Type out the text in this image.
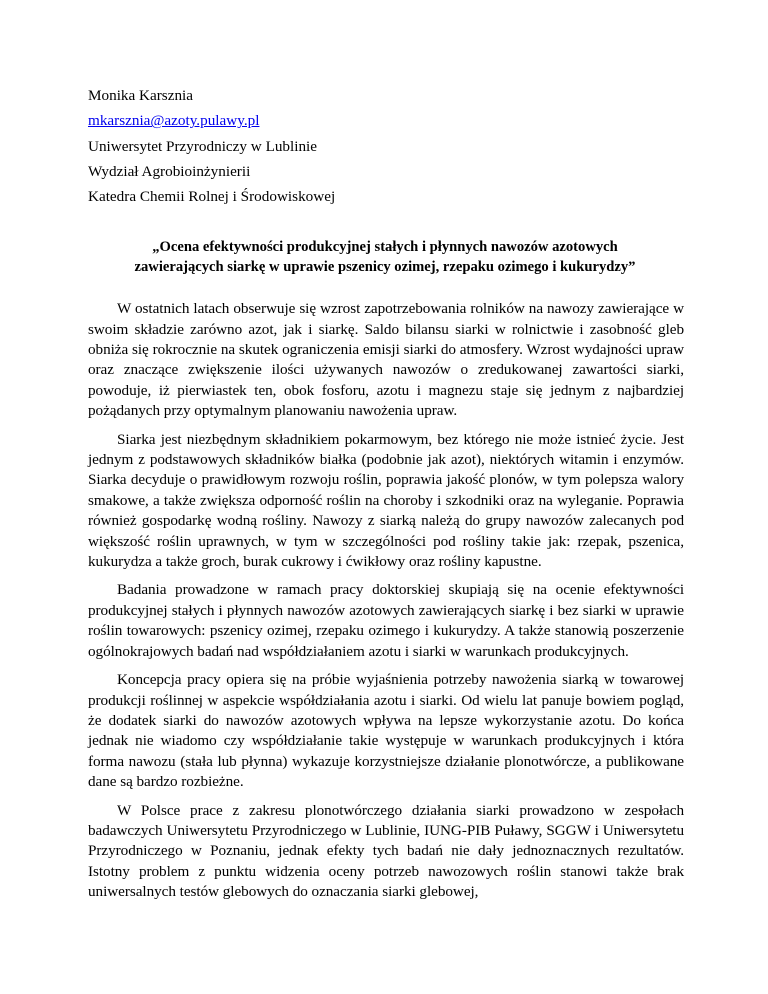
Monika Karsznia
mkarsznia@azoty.pulawy.pl
Uniwersytet Przyrodniczy w Lublinie
Wydział Agrobioinżynierii
Katedra Chemii Rolnej i Środowiskowej
„Ocena efektywności produkcyjnej stałych i płynnych nawozów azotowych zawierających siarkę w uprawie pszenicy ozimej, rzepaku ozimego i kukurydzy”

W ostatnich latach obserwuje się wzrost zapotrzebowania rolników na nawozy zawierające w swoim składzie zarówno azot, jak i siarkę. Saldo bilansu siarki w rolnictwie i zasobność gleb obniża się rokrocznie na skutek ograniczenia emisji siarki do atmosfery. Wzrost wydajności upraw oraz znaczące zwiększenie ilości używanych nawozów o zredukowanej zawartości siarki, powoduje, iż pierwiastek ten, obok fosforu, azotu i magnezu staje się jednym z najbardziej pożądanych przy optymalnym planowaniu nawożenia upraw.

Siarka jest niezbędnym składnikiem pokarmowym, bez którego nie może istnieć życie. Jest jednym z podstawowych składników białka (podobnie jak azot), niektórych witamin i enzymów. Siarka decyduje o prawidłowym rozwoju roślin, poprawia jakość plonów, w tym polepsza walory smakowe, a także zwiększa odporność roślin na choroby i szkodniki oraz na wyleganie. Poprawia również gospodarkę wodną rośliny. Nawozy z siarką należą do grupy nawozów zalecanych pod większość roślin uprawnych, w tym w szczególności pod rośliny takie jak: rzepak, pszenica, kukurydza a także groch, burak cukrowy i ćwikłowy oraz rośliny kapustne.

Badania prowadzone w ramach pracy doktorskiej skupiają się na ocenie efektywności produkcyjnej stałych i płynnych nawozów azotowych zawierających siarkę i bez siarki w uprawie roślin towarowych: pszenicy ozimej, rzepaku ozimego i kukurydzy. A także stanowią poszerzenie ogólnokrajowych badań nad współdziałaniem azotu i siarki w warunkach produkcyjnych.

Koncepcja pracy opiera się na próbie wyjaśnienia potrzeby nawożenia siarką w towarowej produkcji roślinnej w aspekcie współdziałania azotu i siarki. Od wielu lat panuje bowiem pogląd, że dodatek siarki do nawozów azotowych wpływa na lepsze wykorzystanie azotu. Do końca jednak nie wiadomo czy współdziałanie takie występuje w warunkach produkcyjnych i która forma nawozu (stała lub płynna) wykazuje korzystniejsze działanie plonotwórcze, a publikowane dane są bardzo rozbieżne.

W Polsce prace z zakresu plonotwórczego działania siarki prowadzono w zespołach badawczych Uniwersytetu Przyrodniczego w Lublinie, IUNG-PIB Puławy, SGGW i Uniwersytetu Przyrodniczego w Poznaniu, jednak efekty tych badań nie dały jednoznacznych rezultatów. Istotny problem z punktu widzenia oceny potrzeb nawozowych roślin stanowi także brak uniwersalnych testów glebowych do oznaczania siarki glebowej,
